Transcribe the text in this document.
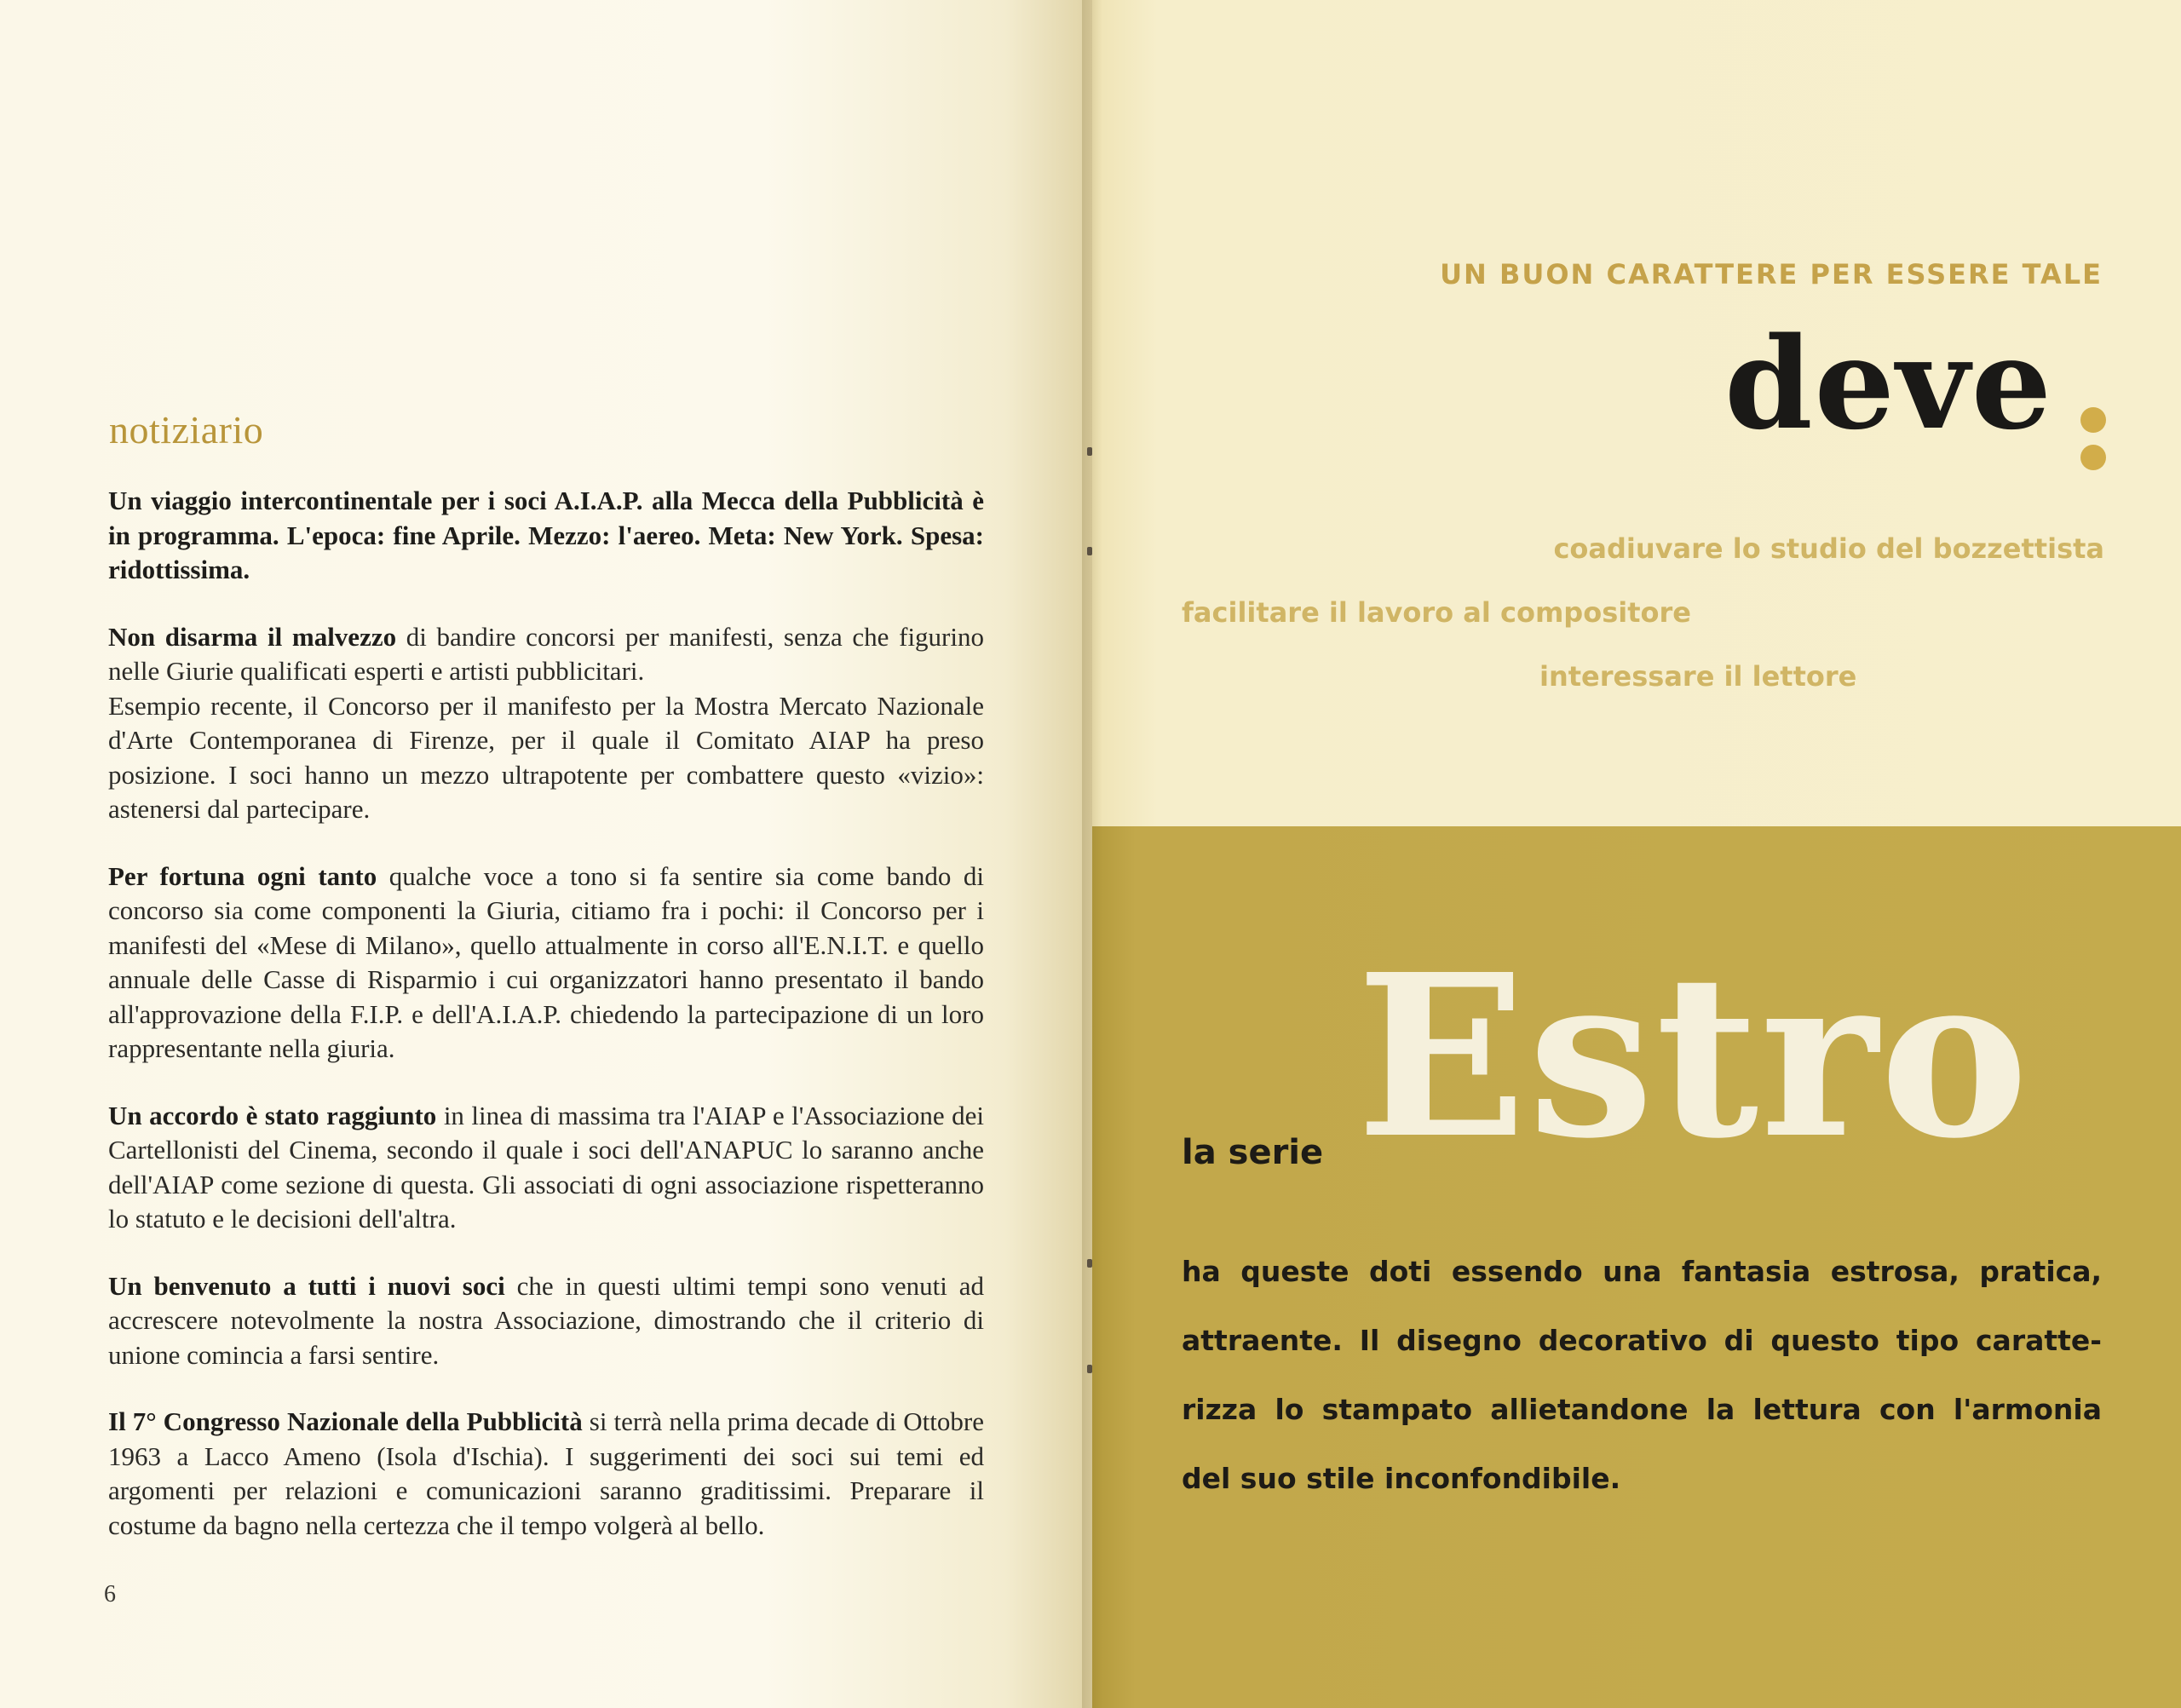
notiziario

Un viaggio intercontinentale per i soci A.I.A.P. alla Mecca della Pubblicità è in programma. L'epoca: fine Aprile. Mezzo: l'aereo. Meta: New York. Spesa: ridottissima.

Non disarma il malvezzo di bandire concorsi per manifesti, senza che figurino nelle Giurie qualificati esperti e artisti pubblicitari.

Esempio recente, il Concorso per il manifesto per la Mostra Mercato Nazionale d'Arte Contemporanea di Firenze, per il quale il Comitato AIAP ha preso posizione. I soci hanno un mezzo ultrapotente per combattere questo «vizio»: astenersi dal partecipare.

Per fortuna ogni tanto qualche voce a tono si fa sentire sia come bando di concorso sia come componenti la Giuria, citiamo fra i pochi: il Concorso per i manifesti del «Mese di Milano», quello attualmente in corso all'E.N.I.T. e quello annuale delle Casse di Risparmio i cui organizzatori hanno presentato il bando all'approvazione della F.I.P. e dell'A.I.A.P. chiedendo la partecipazione di un loro rappresentante nella giuria.

Un accordo è stato raggiunto in linea di massima tra l'AIAP e l'Associazione dei Cartellonisti del Cinema, secondo il quale i soci dell'ANAPUC lo saranno anche dell'AIAP come sezione di questa. Gli associati di ogni associazione rispetteranno lo statuto e le decisioni dell'altra.

Un benvenuto a tutti i nuovi soci che in questi ultimi tempi sono venuti ad accrescere notevolmente la nostra Associazione, dimostrando che il criterio di unione comincia a farsi sentire.

Il 7° Congresso Nazionale della Pubblicità si terrà nella prima decade di Ottobre 1963 a Lacco Ameno (Isola d'Ischia). I suggerimenti dei soci sui temi ed argomenti per relazioni e comunicazioni saranno graditissimi. Preparare il costume da bagno nella certezza che il tempo volgerà al bello.

6
UN BUON CARATTERE PER ESSERE TALE
deve
coadiuvare lo studio del bozzettista
facilitare il lavoro al compositore
interessare il lettore
la serie Estro

ha queste doti essendo una fantasia estrosa, pratica,

attraente. Il disegno decorativo di questo tipo caratte-

rizza lo stampato allietandone la lettura con l'armonia

del suo stile inconfondibile.
